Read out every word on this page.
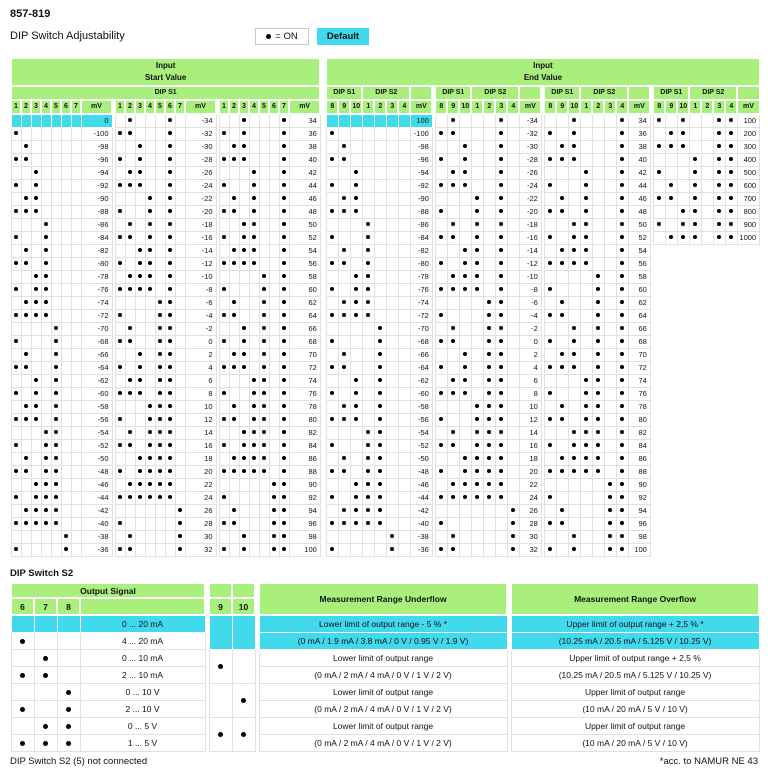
857-819
DIP Switch Adjustability	= ON	Default
Input
Start Value

Input
End Value

DIP S1																											DIP S1			DIP S2						DIP S1			DIP S2						DIP S1			DIP S2						DIP S1			DIP S2				
1	2	3	4	5	6	7	mV		1	2	3	4	5	6	7	mV		1	2	3	4	5	6	7	mV		8	9	10	1	2	3	4	mV		8	9	10	1	2	3	4	mV		8	9	10	1	2	3	4	mV		8	9	10	1	2	3	4	mV
							0									-34									34									100									-34									34									100
							-100									-32									36									-100									-32									36									200
							-98									-30									38									-98									-30									38									300
							-96									-28									40									-96									-28									40									400
							-94									-26									42									-94									-26									42									500
							-92									-24									44									-92									-24									44									600
							-90									-22									46									-90									-22									46									700
							-88									-20									48									-88									-20									48									800
							-86									-18									50									-86									-18									50									900
							-84									-16									52									-84									-16									52									1000
							-82									-14									54									-82									-14									54									
							-80									-12									56									-80									-12									56									
							-78									-10									58									-78									-10									58									
							-76									-8									60									-76									-8									60									
							-74									-6									62									-74									-6									62									
							-72									-4									64									-72									-4									64									
							-70									-2									66									-70									-2									66									
							-68									0									68									-68									0									68									
							-66									2									70									-66									2									70									
							-64									4									72									-64									4									72									
							-62									6									74									-62									6									74									
							-60									8									76									-60									8									76									
							-58									10									78									-58									10									78									
							-56									12									80									-56									12									80									
							-54									14									82									-54									14									82									
							-52									16									84									-52									16									84									
							-50									18									86									-50									18									86									
							-48									20									88									-48									20									88									
							-46									22									90									-46									22									90									
							-44									24									92									-44									24									92									
							-42									26									94									-42									26									94									
							-40									28									96									-40									28									96									
							-38									30									98									-38									30									98									
							-36									32									100									-36									32									100									
DIP Switch S2
Output Signal								Measurement Range Underflow		Measurement Range Overflow
6	7	8			9	10				
			0 ... 20 mA					Lower limit of output range - 5 % *		Upper limit of output range + 2,5 % *
			4 ... 20 mA					(0 mA / 1.9 mA / 3.8 mA / 0 V / 0.95 V / 1.9 V)		(10.25 mA / 20.5 mA / 5.125 V / 10.25 V)
			0 ... 10 mA					Lower limit of output range		Upper limit of output range + 2,5 %
			2 ... 10 mA					(0 mA / 2 mA / 4 mA / 0 V / 1 V / 2 V)		(10.25 mA / 20.5 mA / 5.125 V / 10.25 V)
			0 ... 10 V					Lower limit of output range		Upper limit of output range
			2 ... 10 V					(0 mA / 2 mA / 4 mA / 0 V / 1 V / 2 V)		(10 mA / 20 mA / 5 V / 10 V)
			0 ... 5 V					Lower limit of output range		Upper limit of output range
			1 ... 5 V					(0 mA / 2 mA / 4 mA / 0 V / 1 V / 2 V)		(10 mA / 20 mA / 5 V / 10 V)
DIP Switch S2 (5) not connected	*acc. to NAMUR NE 43
